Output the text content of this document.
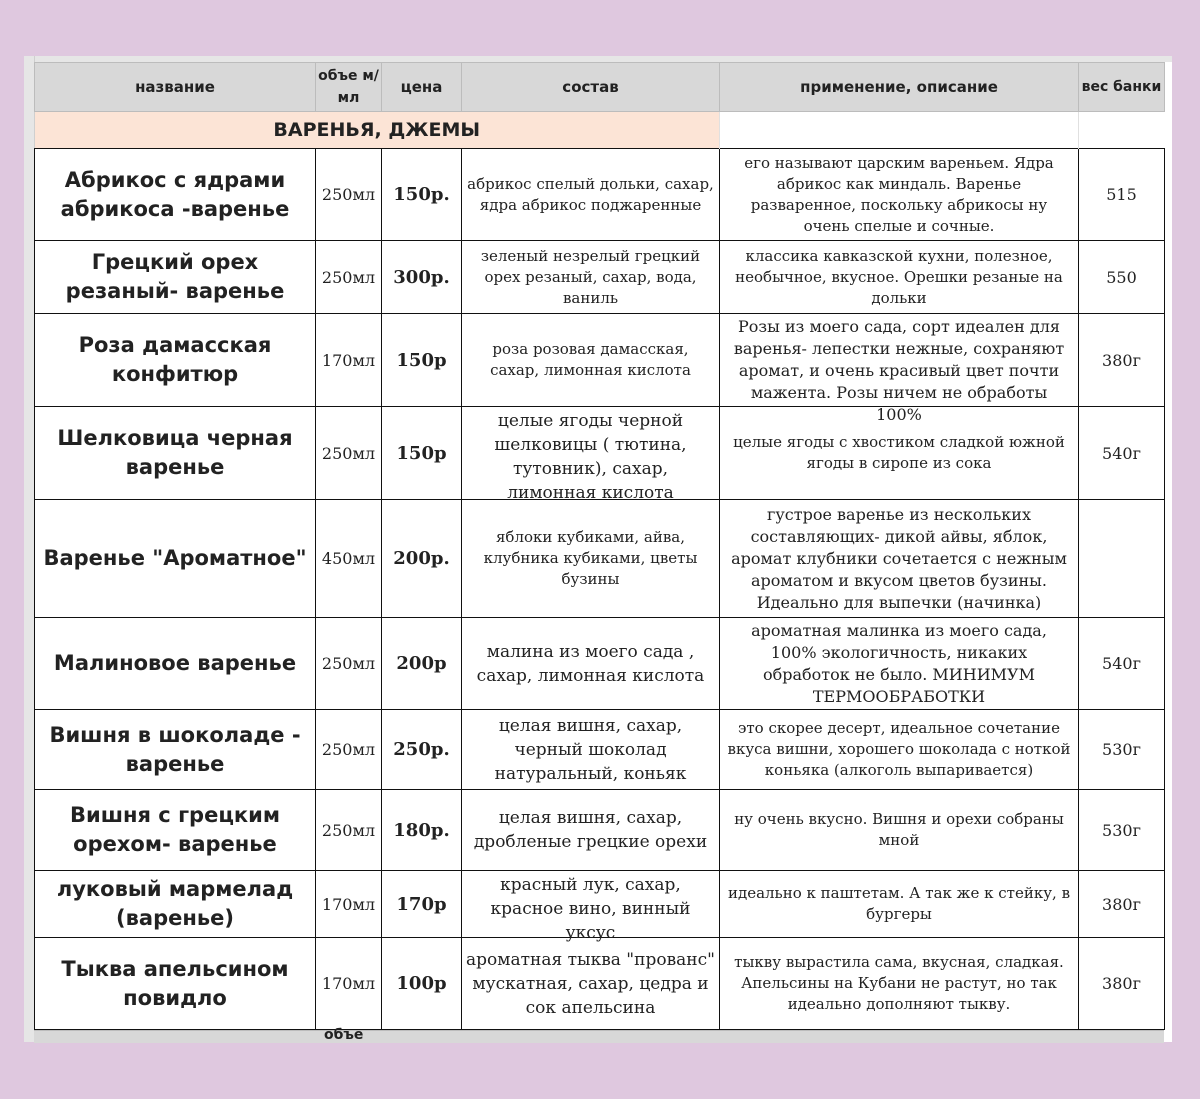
название	объе м/мл	цена	состав	применение, описание	вес банки
ВАРЕНЬЯ, ДЖЕМЫ					

Абрикос с ядрами абрикоса -варенье	250мл	150р.	абрикос спелый дольки, сахар, ядра абрикос поджаренные	его называют царским вареньем. Ядра абрикос как миндаль. Варенье разваренное, поскольку абрикосы ну очень спелые и сочные.	515

Грецкий орех резаный- варенье	250мл	300р.	зеленый незрелый грецкий орех резаный, сахар, вода, ваниль	классика кавказской кухни, полезное, необычное, вкусное. Орешки резаные на дольки	550

Роза дамасская конфитюр	170мл	150р	роза розовая дамасская, сахар, лимонная кислота	Розы из моего сада, сорт идеален для варенья- лепестки нежные, сохраняют аромат, и очень красивый цвет почти мажента. Розы ничем не обработы 100%	380г

Шелковица черная варенье	250мл	150р	целые ягоды черной шелковицы ( тютина, тутовник), сахар, лимонная кислота	целые ягоды с хвостиком сладкой южной ягоды в сиропе из сока	540г

Варенье "Ароматное"	450мл	200р.	яблоки кубиками, айва, клубника кубиками, цветы бузины	густрое варенье из нескольких составляющих- дикой айвы, яблок, аромат клубники сочетается с нежным ароматом и вкусом цветов бузины. Идеально для выпечки (начинка)	

Малиновое варенье	250мл	200р	малина из моего сада , сахар, лимонная кислота	ароматная малинка из моего сада, 100% экологичность, никаких обработок не было. МИНИМУМ ТЕРМООБРАБОТКИ	540г

Вишня в шоколаде - варенье	250мл	250р.	целая вишня, сахар, черный шоколад натуральный, коньяк	это скорее десерт, идеальное сочетание вкуса вишни, хорошего шоколада с ноткой коньяка (алкоголь выпаривается)	530г

Вишня с грецким орехом- варенье	250мл	180р.	целая вишня, сахар, дробленые грецкие орехи	ну очень вкусно. Вишня и орехи собраны мной	530г

луковый мармелад (варенье)	170мл	170р	красный лук, сахар, красное вино, винный уксус	идеально к паштетам. А так же к стейку, в бургеры	380г

Тыква апельсином повидло	170мл	100р	ароматная тыква "прованс" мускатная, сахар, цедра и сок апельсина	тыкву вырастила сама, вкусная, сладкая. Апельсины на Кубани не растут, но так идеально дополняют тыкву.	380г
объе
